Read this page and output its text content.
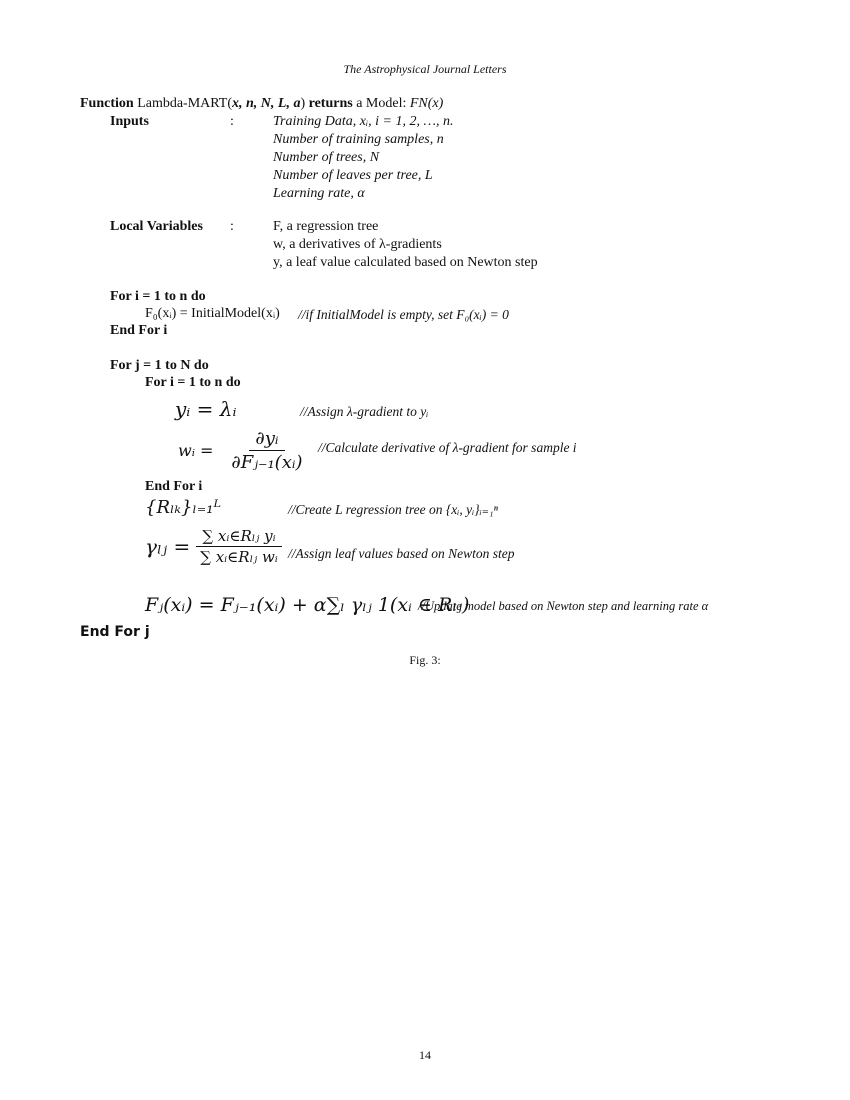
The Astrophysical Journal Letters
Function Lambda-MART(x, n, N, L, a) returns a Model: FN(x)
Inputs	:	Training Data, xᵢ, i = 1, 2, …, n.
Number of training samples, n
Number of trees, N
Number of leaves per tree, L
Learning rate, α
Local Variables :	F, a regression tree
w, a derivatives of λ-gradients
y, a leaf value calculated based on Newton step
For i = 1 to n do
F₀(xᵢ) = InitialModel(xᵢ) //if InitialModel is empty, set F₀(xᵢ) = 0
End For i
For j = 1 to N do
For i = 1 to n do
yᵢ = λᵢ	//Assign λ-gradient to yᵢ
wᵢ = $\frac{\text{∂yᵢ}}{\text{∂Fⱼ₋₁(xᵢ)}}$ //Calculate derivative of λ-gradient for sample i
End For i
{Rₗₖ}ₗ₌₁ᴸ	//Create L regression tree on {xᵢ, yᵢ}ᵢ₌₁ⁿ
γₗⱼ = $\frac{\text{∑ xᵢ∈Rₗⱼ yᵢ}}{\text{∑ xᵢ∈Rₗⱼ wᵢ}}$ //Assign leaf values based on Newton step
Fⱼ(xᵢ) = Fⱼ₋₁(xᵢ) + α∑ₗ γₗⱼ 1(xᵢ ∈ Rₗⱼ)
//Update model based on Newton step and learning rate α
End For j
Fig. 3:
14
